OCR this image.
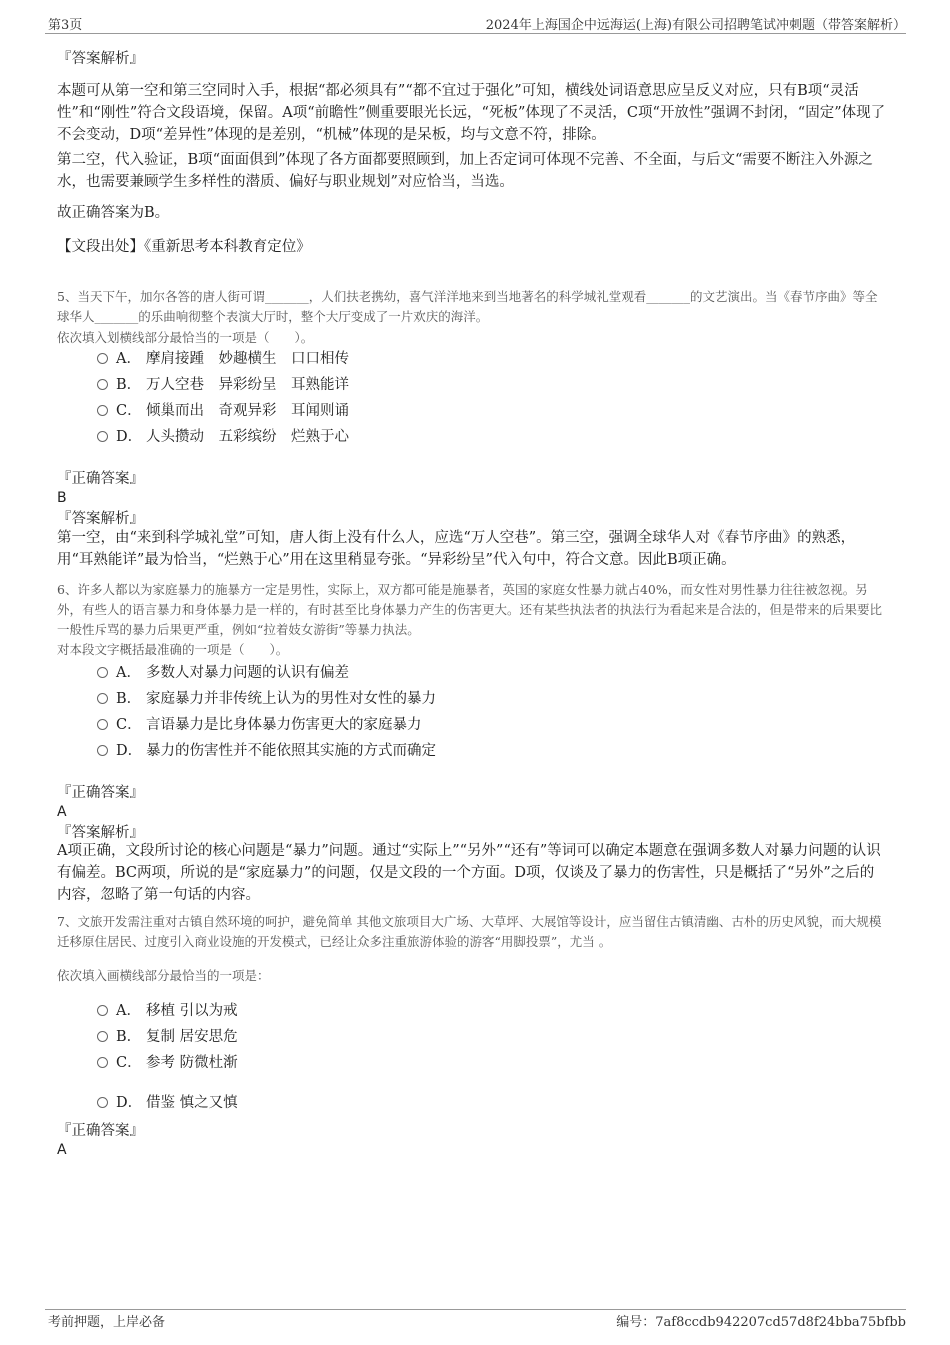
第3页	2024年上海国企中远海运(上海)有限公司招聘笔试冲刺题（带答案解析）
『答案解析』

本题可从第一空和第三空同时入手，根据“都必须具有”“都不宜过于强化”可知，横线处词语意思应呈反义对应，只有B项“灵活性”和“刚性”符合文段语境，保留。A项“前瞻性”侧重要眼光长远，“死板”体现了不灵活，C项“开放性”强调不封闭，“固定”体现了不会变动，D项“差异性”体现的是差别，“机械”体现的是呆板，均与文意不符，排除。

第二空，代入验证，B项“面面俱到”体现了各方面都要照顾到，加上否定词可体现不完善、不全面，与后文“需要不断注入外源之水，也需要兼顾学生多样性的潜质、偏好与职业规划”对应恰当，当选。

故正确答案为B。
【文段出处】《重新思考本科教育定位》

5、当天下午，加尔各答的唐人街可谓_______，人们扶老携幼，喜气洋洋地来到当地著名的科学城礼堂观看_______的文艺演出。当《春节序曲》等全球华人_______的乐曲响彻整个表演大厅时，整个大厅变成了一片欢庆的海洋。

依次填入划横线部分最恰当的一项是（　　）。
A． 摩肩接踵　妙趣横生　口口相传
B． 万人空巷　异彩纷呈　耳熟能详
C． 倾巢而出　奇观异彩　耳闻则诵
D． 人头攒动　五彩缤纷　烂熟于心
『正确答案』
B
『答案解析』

第一空，由“来到科学城礼堂”可知，唐人街上没有什么人，应选“万人空巷”。第三空，强调全球华人对《春节序曲》的熟悉，用“耳熟能详”最为恰当，“烂熟于心”用在这里稍显夸张。“异彩纷呈”代入句中，符合文意。因此B项正确。

6、许多人都以为家庭暴力的施暴方一定是男性，实际上，双方都可能是施暴者，英国的家庭女性暴力就占40%，而女性对男性暴力往往被忽视。另外，有些人的语言暴力和身体暴力是一样的，有时甚至比身体暴力产生的伤害更大。还有某些执法者的执法行为看起来是合法的，但是带来的后果要比一般性斥骂的暴力后果更严重，例如“拉着妓女游街”等暴力执法。

对本段文字概括最准确的一项是（　　）。
A． 多数人对暴力问题的认识有偏差
B． 家庭暴力并非传统上认为的男性对女性的暴力
C． 言语暴力是比身体暴力伤害更大的家庭暴力
D． 暴力的伤害性并不能依照其实施的方式而确定
『正确答案』
A
『答案解析』

A项正确，文段所讨论的核心问题是“暴力”问题。通过“实际上”“另外”“还有”等词可以确定本题意在强调多数人对暴力问题的认识有偏差。BC两项，所说的是“家庭暴力”的问题，仅是文段的一个方面。D项，仅谈及了暴力的伤害性，只是概括了“另外”之后的内容，忽略了第一句话的内容。

7、文旅开发需注重对古镇自然环境的呵护，避免简单 其他文旅项目大广场、大草坪、大展馆等设计，应当留住古镇清幽、古朴的历史风貌，而大规模迁移原住居民、过度引入商业设施的开发模式，已经让众多注重旅游体验的游客“用脚投票”，尤当 。

依次填入画横线部分最恰当的一项是：
A． 移植 引以为戒
B． 复制 居安思危
C． 参考 防微杜渐
D． 借鉴 慎之又慎
『正确答案』
A
考前押题，上岸必备	编号：7af8ccdb942207cd57d8f24bba75bfbb
